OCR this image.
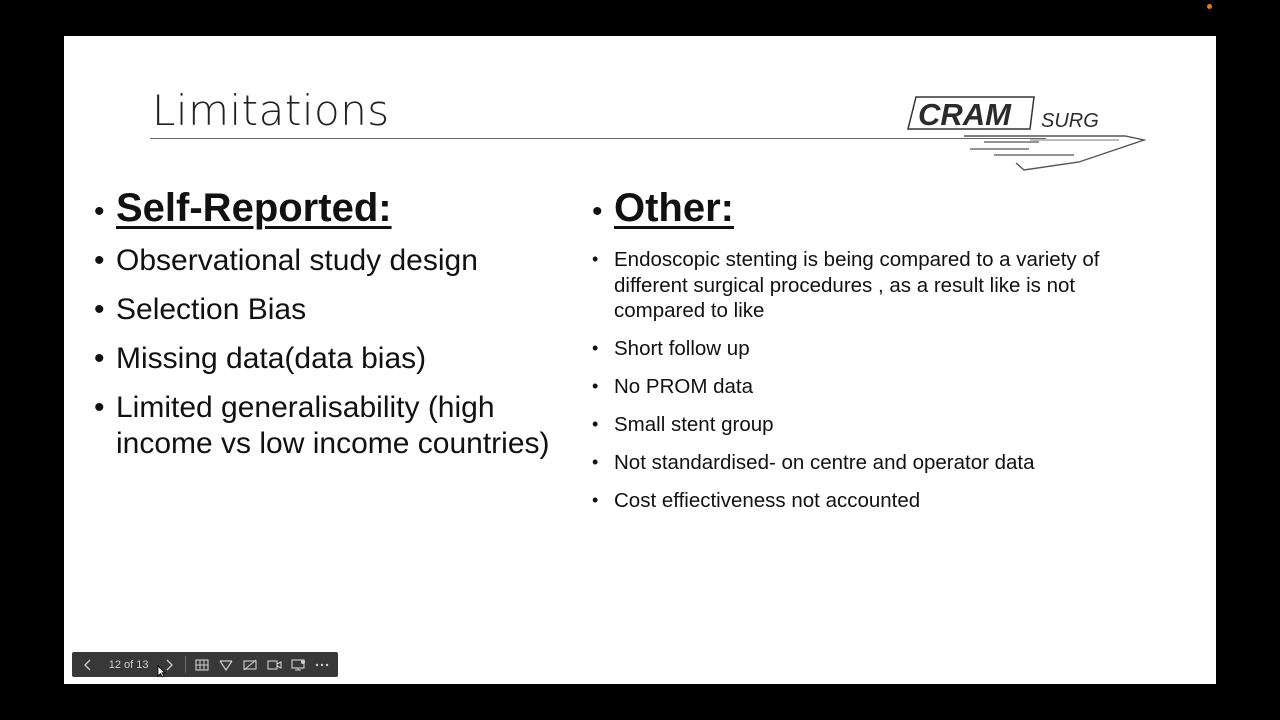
Limitations	CRAM SURG
• Self-Reported:
• Observational study design
• Selection Bias
• Missing data(data bias)
• Limited generalisability (high income vs low income countries)
• Other:
• Endoscopic stenting is being compared to a variety of different surgical procedures , as a result like is not compared to like
• Short follow up
• No PROM data
• Small stent group
• Not standardised- on centre and operator data
• Cost effiectiveness not accounted
12 of 13
